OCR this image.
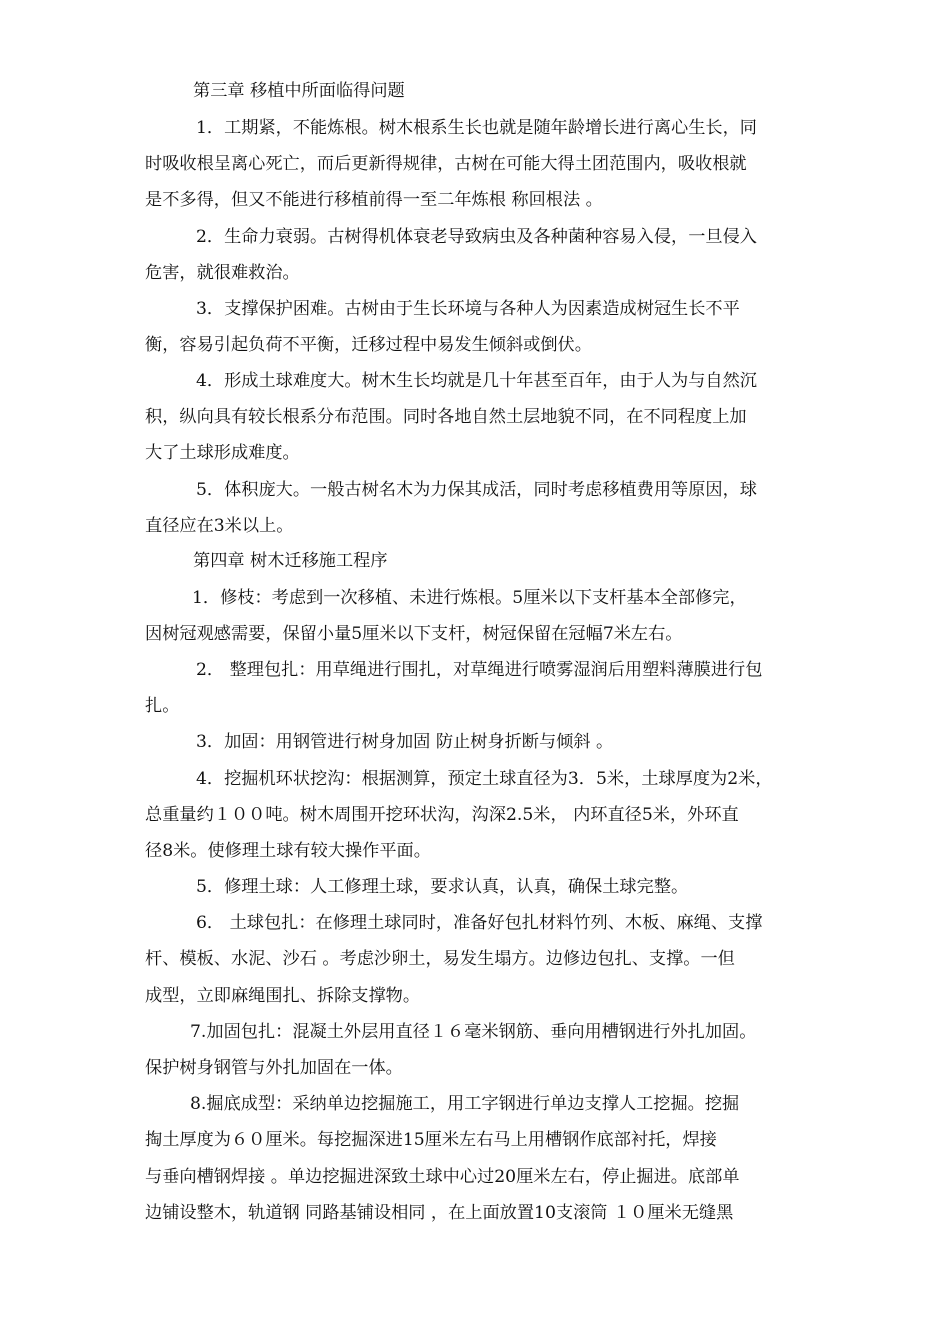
第三章 移植中所面临得问题
1．工期紧，不能炼根。树木根系生长也就是随年龄增长进行离心生长，同
时吸收根呈离心死亡，而后更新得规律，古树在可能大得土团范围内，吸收根就
是不多得，但又不能进行移植前得一至二年炼根 称回根法 。
2．生命力衰弱。古树得机体衰老导致病虫及各种菌种容易入侵，一旦侵入
危害，就很难救治。
3．支撑保护困难。古树由于生长环境与各种人为因素造成树冠生长不平
衡，容易引起负荷不平衡，迁移过程中易发生倾斜或倒伏。
4．形成土球难度大。树木生长均就是几十年甚至百年，由于人为与自然沉
积，纵向具有较长根系分布范围。同时各地自然土层地貌不同，在不同程度上加
大了土球形成难度。
5．体积庞大。一般古树名木为力保其成活，同时考虑移植费用等原因，球
直径应在3米以上。
第四章 树木迁移施工程序
1．修枝：考虑到一次移植、未进行炼根。5厘米以下支杆基本全部修完，
因树冠观感需要，保留小量5厘米以下支杆，树冠保留在冠幅7米左右。
2． 整理包扎：用草绳进行围扎，对草绳进行喷雾湿润后用塑料薄膜进行包
扎。
3．加固：用钢管进行树身加固 防止树身折断与倾斜 。
4．挖掘机环状挖沟：根据测算，预定土球直径为3．5米，土球厚度为2米，
总重量约１００吨。树木周围开挖环状沟，沟深2.5米， 内环直径5米，外环直
径8米。使修理土球有较大操作平面。
5．修理土球：人工修理土球，要求认真，认真，确保土球完整。
6． 土球包扎：在修理土球同时，准备好包扎材料竹列、木板、麻绳、支撑
杆、模板、水泥、沙石 。考虑沙卵土，易发生塌方。边修边包扎、支撑。一但
成型，立即麻绳围扎、拆除支撑物。
7.加固包扎：混凝土外层用直径１６毫米钢筋、垂向用槽钢进行外扎加固。
保护树身钢管与外扎加固在一体。
8.掘底成型：采纳单边挖掘施工，用工字钢进行单边支撑人工挖掘。挖掘
掏土厚度为６０厘米。每挖掘深进15厘米左右马上用槽钢作底部衬托，焊接
与垂向槽钢焊接 。单边挖掘进深致土球中心过20厘米左右，停止掘进。底部单
边铺设整木，轨道钢 同路基铺设相同 ，在上面放置10支滚筒 １０厘米无缝黑
